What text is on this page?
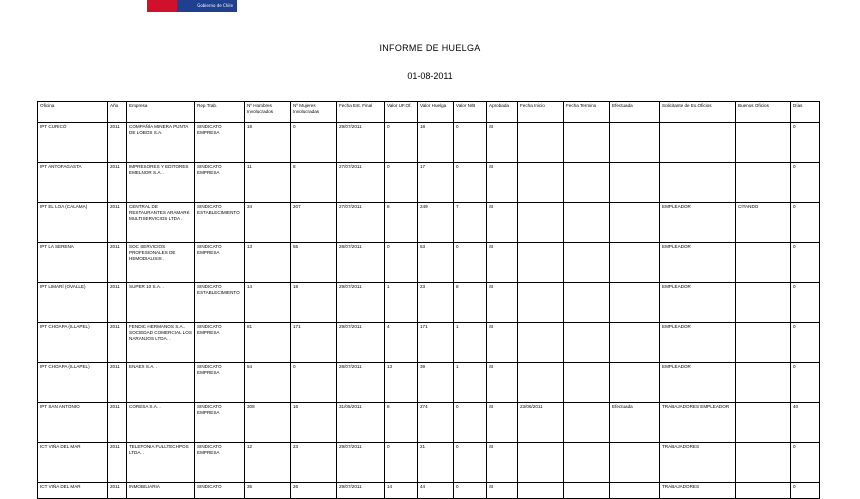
Gobierno de Chile
INFORME DE HUELGA
01-08-2011
Oficina	Año	Empresa	Rep.Trab.	Nº Hombres Involucrados	Nº Mujeres Involucradas	Fecha Est. Final	Valor UF.Of.	Valor Huelga	Valor N/B	Aprobada	Fecha Inicio	Fecha Termino	Efectuada	Solicitante de Ex.Oficios	Buenos Oficios	Días
IPT CURICÓ	2011	COMPAÑÍA MINERA PUNTA DE LOBOS S.A.	SINDICATO EMPRESA	18	0	29/07/2011	0	18	0	SI						0
IPT ANTOFAGASTA	2011	IMPRESORES Y EDITORES EMELNOR S.A. .	SINDICATO EMPRESA	11	8	27/07/2011	0	17	0	SI						0
IPT EL LOA (CALAMA)	2011	CENTRAL DE RESTAURANTES ARAMARK MULTISERVICIOS LTDA .	SINDICATO ESTABLECIMIENTO	34	207	27/07/2011	8	249	7	SI				EMPLEADOR	CITANDO	0
IPT LA SERENA	2011	SOC SERVICIOS PROFESIONALES DE HEMODIALISIS .	SINDICATO EMPRESA	13	55	28/07/2011	0	53	0	SI				EMPLEADOR		0
IPT LIMARÍ (OVALLE)	2011	SUPER 10 S.A. .	SINDICATO ESTABLECIMIENTO	14	18	29/07/2011	1	23	8	SI				EMPLEADOR		0
IPT CHOAPA (ILLAPEL)	2011	FENDIC HERMANOS S.A.. SOCIEDAD COMERCIAL LOS NARANJOS LTDA. .	SINDICATO EMPRESA	81	171	29/07/2011	4	171	1	SI				EMPLEADOR		0
IPT CHOAPA (ILLAPEL)	2011	ENAEX S.A. .	SINDICATO EMPRESA	54	0	28/07/2011	13	39	1	SI				EMPLEADOR		0
IPT SAN ANTONIO	2011	CORESA S.A. .	SINDICATO EMPRESA	308	16	31/05/2011	8	274	0	SI	23/06/2011		Efectuada	TRABAJADORES EMPLEADOR		40
ICT VIÑA DEL MAR	2011	TELEFONIA FULLTECHPOS LTDA. .	SINDICATO EMPRESA	12	23	29/07/2011	0	21	0	SI				TRABAJADORES		0
ICT VIÑA DEL MAR	2011	INMOBILIARIA	SINDICATO	35	26	29/07/2011	14	44	0	SI				TRABAJADORES		0
